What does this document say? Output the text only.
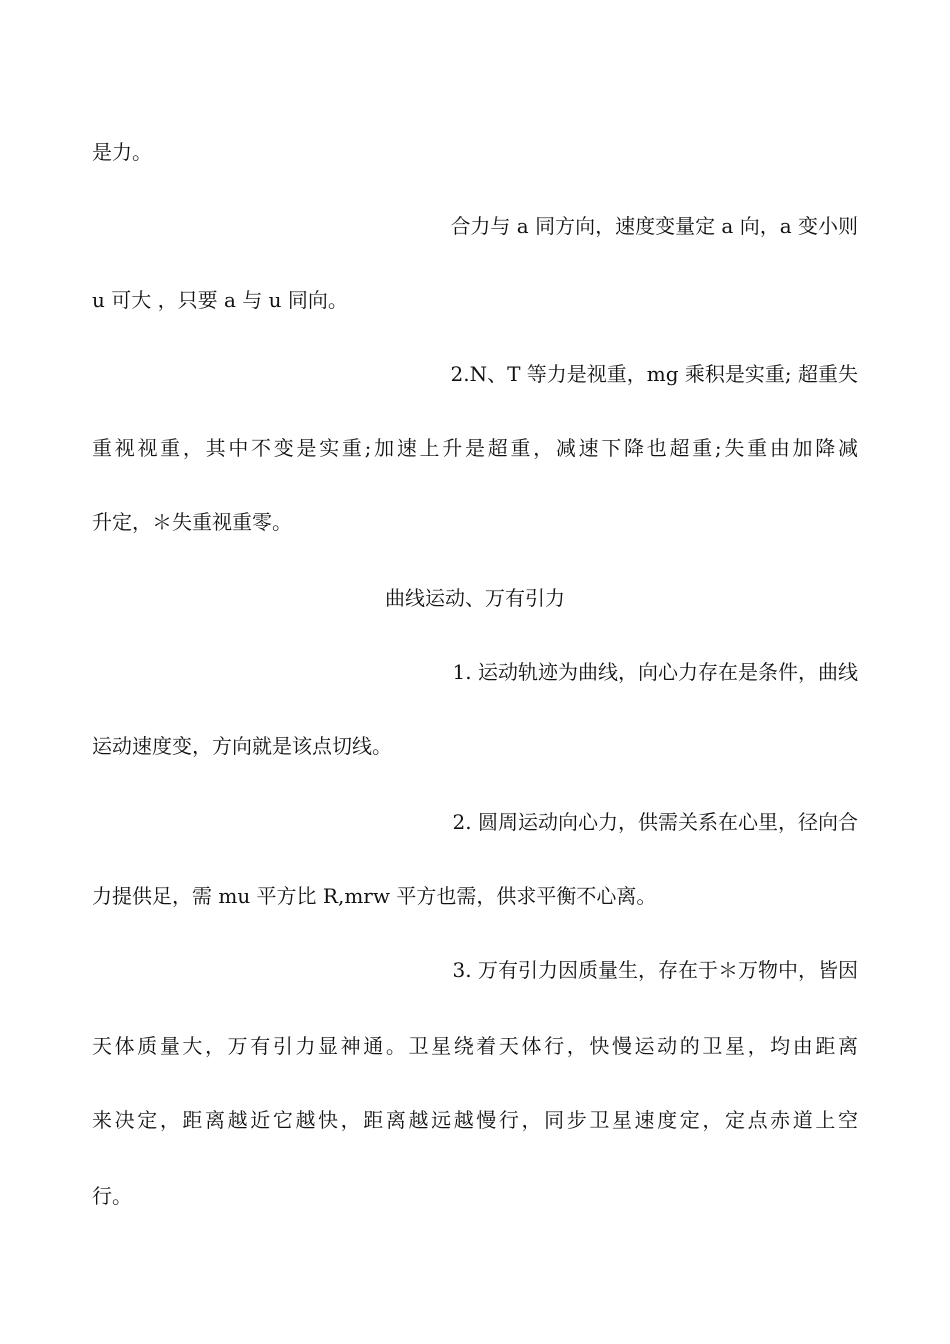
是力。
合力与 a 同方向，速度变量定 a 向，a 变小则
u 可大 ，只要 a 与 u 同向。
2.N、T 等力是视重，mg 乘积是实重; 超重失
重视视重，其中不变是实重;加速上升是超重，减速下降也超重;失重由加降减
升定，＊失重视重零。
曲线运动、万有引力
1. 运动轨迹为曲线，向心力存在是条件，曲线
运动速度变，方向就是该点切线。
2. 圆周运动向心力，供需关系在心里，径向合
力提供足，需 mu 平方比 R,mrw 平方也需，供求平衡不心离。
3. 万有引力因质量生，存在于＊万物中，皆因
天体质量大，万有引力显神通。卫星绕着天体行，快慢运动的卫星，均由距离
来决定，距离越近它越快，距离越远越慢行，同步卫星速度定，定点赤道上空
行。
